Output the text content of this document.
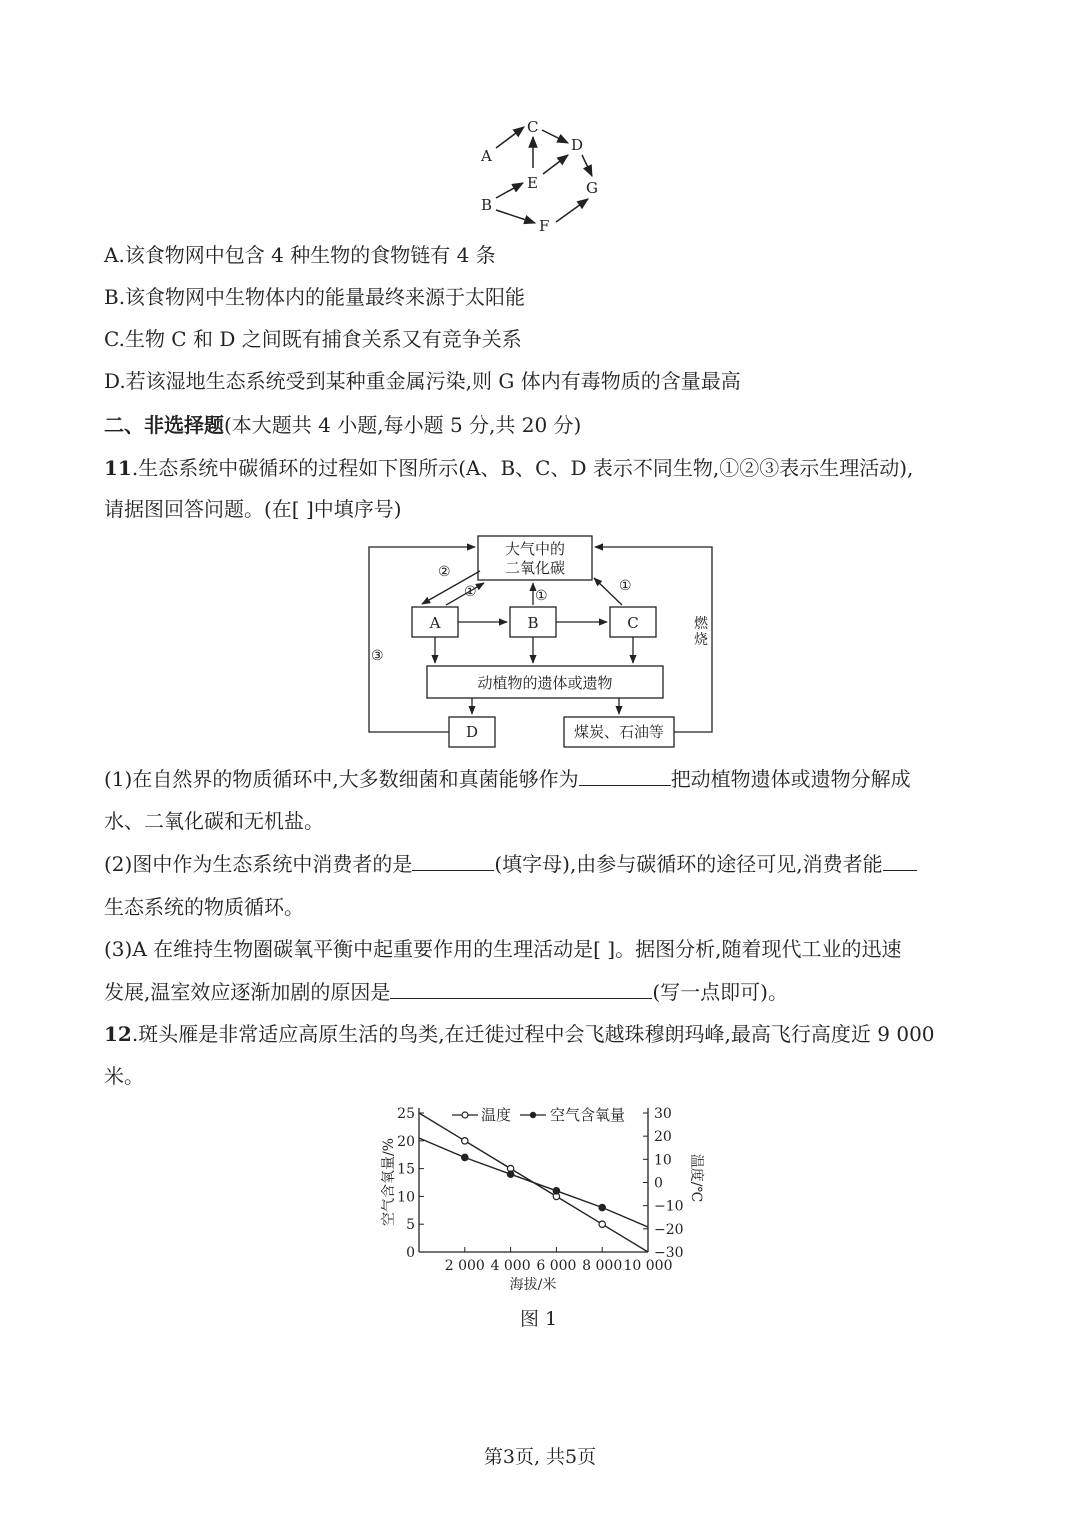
A
B
C
D
E
F
G
A.该食物网中包含 4 种生物的食物链有 4 条
B.该食物网中生物体内的能量最终来源于太阳能
C.生物 C 和 D 之间既有捕食关系又有竞争关系
D.若该湿地生态系统受到某种重金属污染,则 G 体内有毒物质的含量最高
二、非选择题(本大题共 4 小题,每小题 5 分,共 20 分)
11.生态系统中碳循环的过程如下图所示(A、B、C、D 表示不同生物,①②③表示生理活动),
请据图回答问题。(在[ ]中填序号)
大气中的
二氧化碳
A	B	C
动植物的遗体或遗物
D	煤炭、石油等
②
①	①
①
③
燃
烧
(1)在自然界的物质循环中,大多数细菌和真菌能够作为	把动植物遗体或遗物分解成
水、二氧化碳和无机盐。
(2)图中作为生态系统中消费者的是	(填字母),由参与碳循环的途径可见,消费者能
生态系统的物质循环。
(3)A 在维持生物圈碳氧平衡中起重要作用的生理活动是[ ]。据图分析,随着现代工业的迅速
发展,温室效应逐渐加剧的原因是	(写一点即可)。
12.斑头雁是非常适应高原生活的鸟类,在迁徙过程中会飞越珠穆朗玛峰,最高飞行高度近 9 000
米。
25
20
15
10
5
0
30
20
10
0
−10
−20
−30
2 000 4 000 6 000 8 000 10 000
温度	空气含氧量
空气含氧量/%	温度/℃
海拔/米
图 1
第3页, 共5页
